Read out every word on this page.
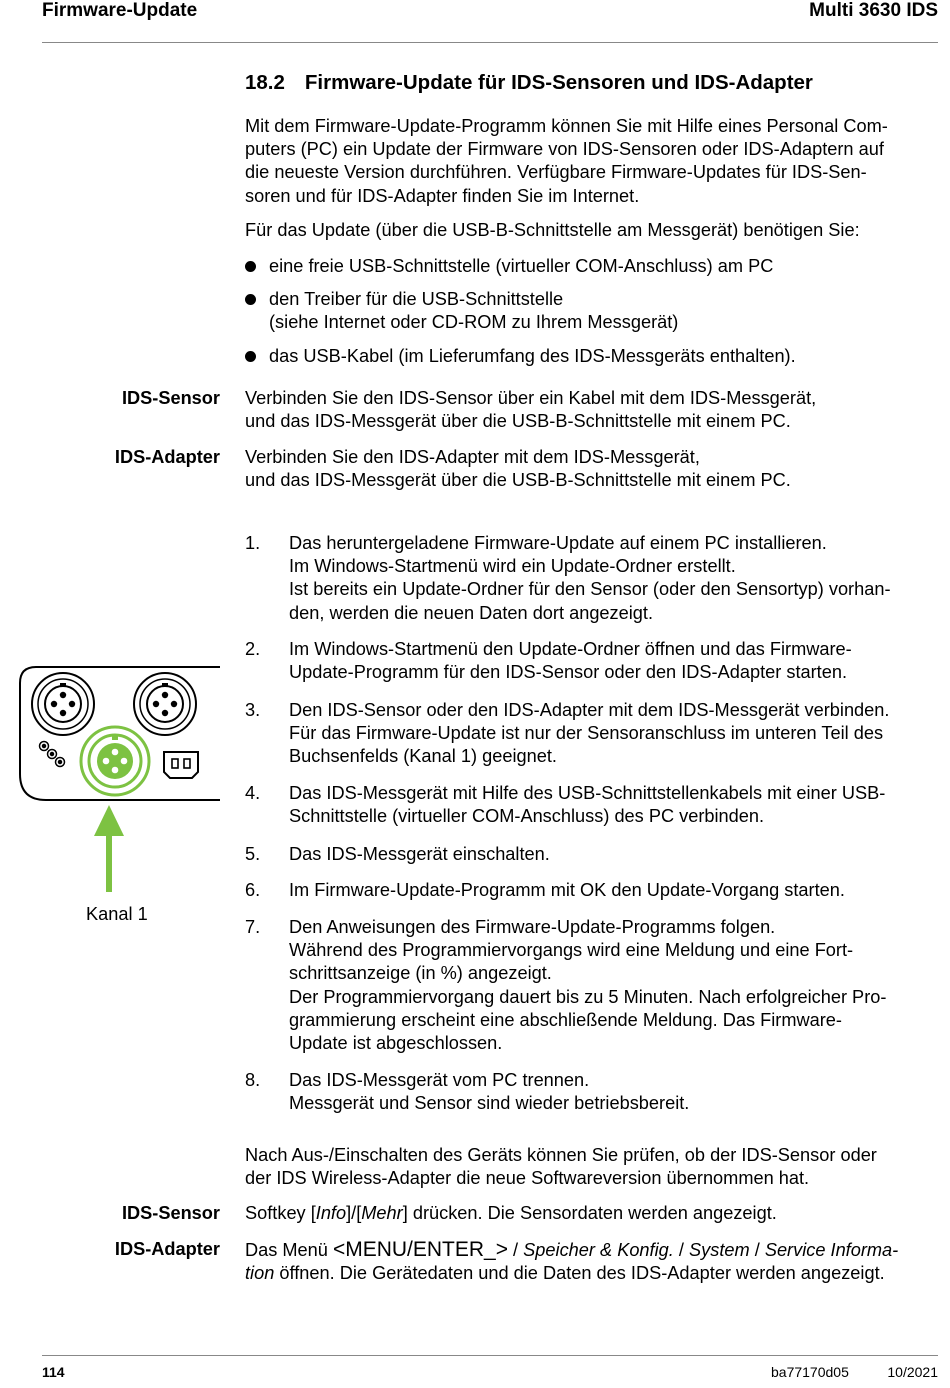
Firmware-Update	Multi 3630 IDS
18.2 Firmware-Update für IDS-Sensoren und IDS-Adapter
Mit dem Firmware-Update-Programm können Sie mit Hilfe eines Personal Com-
puters (PC) ein Update der Firmware von IDS-Sensoren oder IDS-Adaptern auf
die neueste Version durchführen. Verfügbare Firmware-Updates für IDS-Sen-
soren und für IDS-Adapter finden Sie im Internet.
Für das Update (über die USB-B-Schnittstelle am Messgerät) benötigen Sie:
eine freie USB-Schnittstelle (virtueller COM-Anschluss) am PC
den Treiber für die USB-Schnittstelle
(siehe Internet oder CD-ROM zu Ihrem Messgerät)
das USB-Kabel (im Lieferumfang des IDS-Messgeräts enthalten).
IDS-Sensor Verbinden Sie den IDS-Sensor über ein Kabel mit dem IDS-Messgerät,
und das IDS-Messgerät über die USB-B-Schnittstelle mit einem PC.
IDS-Adapter Verbinden Sie den IDS-Adapter mit dem IDS-Messgerät,
und das IDS-Messgerät über die USB-B-Schnittstelle mit einem PC.
1. Das heruntergeladene Firmware-Update auf einem PC installieren.
Im Windows-Startmenü wird ein Update-Ordner erstellt.
Ist bereits ein Update-Ordner für den Sensor (oder den Sensortyp) vorhan-
den, werden die neuen Daten dort angezeigt.
2. Im Windows-Startmenü den Update-Ordner öffnen und das Firmware-
Update-Programm für den IDS-Sensor oder den IDS-Adapter starten.
3. Den IDS-Sensor oder den IDS-Adapter mit dem IDS-Messgerät verbinden.
Für das Firmware-Update ist nur der Sensoranschluss im unteren Teil des
Buchsenfelds (Kanal 1) geeignet.
4. Das IDS-Messgerät mit Hilfe des USB-Schnittstellenkabels mit einer USB-
Schnittstelle (virtueller COM-Anschluss) des PC verbinden.
5. Das IDS-Messgerät einschalten.
6. Im Firmware-Update-Programm mit OK den Update-Vorgang starten.
7. Den Anweisungen des Firmware-Update-Programms folgen.
Während des Programmiervorgangs wird eine Meldung und eine Fort-
schrittsanzeige (in %) angezeigt.
Der Programmiervorgang dauert bis zu 5 Minuten. Nach erfolgreicher Pro-
grammierung erscheint eine abschließende Meldung. Das Firmware-
Update ist abgeschlossen.
8. Das IDS-Messgerät vom PC trennen.
Messgerät und Sensor sind wieder betriebsbereit.
Kanal 1
Nach Aus-/Einschalten des Geräts können Sie prüfen, ob der IDS-Sensor oder
der IDS Wireless-Adapter die neue Softwareversion übernommen hat.
IDS-Sensor Softkey [Info]/[Mehr] drücken. Die Sensordaten werden angezeigt.
IDS-Adapter Das Menü <MENU/ENTER_> / Speicher & Konfig. / System / Service Informa-
tion öffnen. Die Gerätedaten und die Daten des IDS-Adapter werden angezeigt.
114	ba77170d05	10/2021
